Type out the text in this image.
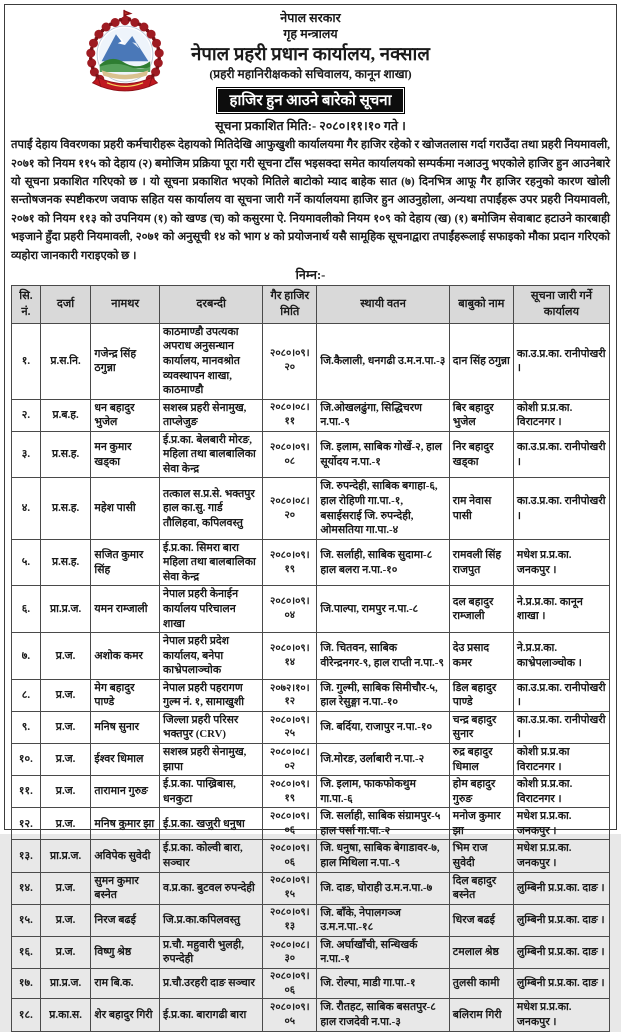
नेपाल सरकार
गृह मन्त्रालय
नेपाल प्रहरी प्रधान कार्यालय, नक्साल
(प्रहरी महानिरीक्षकको सचिवालय, कानून शाखा)
हाजिर हुन आउने बारेको सूचना
सूचना प्रकाशित मिति:- २०८०।११।१० गते ।
तपाईं देहाय विवरणका प्रहरी कर्मचारीहरू देहायको मितिदेखि आफुखुशी कार्यालयमा गैर हाजिर रहेको र खोजतलास गर्दा गराउँदा तथा प्रहरी नियमावली, २०७१ को नियम ११५ को देहाय (२) बमोजिम प्रक्रिया पूरा गरी सूचना टाँस भइसक्दा समेत कार्यालयको सम्पर्कमा नआउनु भएकोले हाजिर हुन आउनेबारे यो सूचना प्रकाशित गरिएको छ । यो सूचना प्रकाशित भएको मितिले बाटोको म्याद बाहेक सात (७) दिनभित्र आफू गैर हाजिर रहनुको कारण खोली सन्तोषजनक स्पष्टीकरण जवाफ सहित यस कार्यालय वा सूचना जारी गर्ने कार्यालयमा हाजिर हुन आउनुहोला, अन्यथा तपाईंहरू उपर प्रहरी नियमावली, २०७१ को नियम ११३ को उपनियम (१) को खण्ड (च) को कसुरमा ऐ. नियमावलीको नियम १०९ को देहाय (ख) (१) बमोजिम सेवाबाट हटाउने कारबाही भइजाने हुँदा प्रहरी नियमावली, २०७१ को अनुसूची १४ को भाग ४ को प्रयोजनार्थ यसै सामूहिक सूचनाद्वारा तपाईंहरूलाई सफाइको मौका प्रदान गरिएको व्यहोरा जानकारी गराइएको छ ।
निम्न:-
सि. नं.	दर्जा	नामथर	दरबन्दी	गैर हाजिर मिति	स्थायी वतन	बाबुको नाम	सूचना जारी गर्ने कार्यालय
१.	प्र.स.नि.	गजेन्द्र सिंह ठगुन्ना	काठमाण्डौ उपत्यका अपराध अनुसन्धान कार्यालय, मानवश्रोत व्यवस्थापन शाखा, काठमाण्डौ	२०८०।०९।२०	जि.कैलाली, धनगढी उ.म.न.पा.-३	दान सिंह ठगुन्ना	का.उ.प्र.का. रानीपोखरी ।
२.	प्र.ब.ह.	धन बहादुर भुजेल	सशस्त्र प्रहरी सेनामुख, ताप्लेजुङ	२०८०।०८।११	जि.ओखलढुंगा, सिद्धिचरण न.पा.-९	बिर बहादुर भुजेल	कोशी प्र.प्र.का. विराटनगर ।
३.	प्र.स.ह.	मन कुमार खड्का	ई.प्र.का. बेलबारी मोरङ, महिला तथा बालबालिका सेवा केन्द्र	२०८०।०९।०८	जि. इलाम, साबिक गोर्खे-२, हाल सूर्योदय न.पा.-१	निर बहादुर खड्का	का.उ.प्र.का. रानीपोखरी ।
४.	प्र.स.ह.	महेश पासी	तत्काल स.प्र.से. भक्तपुर हाल का.सु. गार्ड तौलिहवा, कपिलवस्तु	२०८०।०८।२०	जि. रुपन्देही, साबिक बगाहा-६, हाल रोहिणी गा.पा.-१, बसाईसराई जि. रुपन्देही, ओमसतिया गा.पा.-४	राम नेवास पासी	का.उ.प्र.का. रानीपोखरी ।
५.	प्र.स.ह.	सजित कुमार सिंह	ई.प्र.का. सिमरा बारा महिला तथा बालबालिका सेवा केन्द्र	२०८०।०९।१९	जि. सर्लाही, साबिक सुदामा-८ हाल बलरा न.पा.-१०	रामवली सिंह राजपुत	मधेश प्र.प्र.का. जनकपुर ।
६.	प्रा.प्र.ज.	यमन राम्जाली	नेपाल प्रहरी केनाईन कार्यालय परिचालन शाखा	२०८०।०९।०४	जि.पाल्पा, रामपुर न.पा.-८	दल बहादुर राम्जाली	ने.प्र.प्र.का. कानून शाखा ।
७.	प्र.ज.	अशोक कमर	नेपाल प्रहरी प्रदेश कार्यालय, बनेपा काभ्रेपलाञ्चोक	२०८०।०९।१४	जि. चितवन, साबिक वीरेन्द्रनगर-९, हाल राप्ती न.पा.-९	देउ प्रसाद कमर	ने.प्र.प्र.का. काभ्रेपलाञ्चोक ।
८.	प्र.ज.	मेग बहादुर पाण्डे	नेपाल प्रहरी पहरागण गुल्म नं. १, सामाखुशी	२०७२।१०।१२	जि. गुल्मी, साबिक सिमीचौर-५, हाल रेसुङ्गा न.पा.-१०	डिल बहादुर पाण्डे	का.उ.प्र.का. रानीपोखरी ।
९.	प्र.ज.	मनिष सुनार	जिल्ला प्रहरी परिसर भक्तपुर (CRV)	२०८०।०९।२५	जि. बर्दिया, राजापुर न.पा.-१०	चन्द्र बहादुर सुनार	का.उ.प्र.का. रानीपोखरी ।
१०.	प्र.ज.	ईश्वर धिमाल	सशस्त्र प्रहरी सेनामुख, झापा	२०८०।०८।०२	जि.मोरङ, उर्लाबारी न.पा.-२	रुद्र बहादुर धिमाल	कोशी प्र.प्र.का विराटनगर ।
११.	प्र.ज.	तारामान गुरुङ	ई.प्र.का. पाख्रिबास, धनकुटा	२०८०।०९।१९	जि. इलाम, फाकफोकथुम गा.पा.-६	होम बहादुर गुरुङ	कोशी प्र.प्र.का. विराटनगर ।
१२.	प्र.ज.	मनिष कुमार झा	ई.प्र.का. खजुरी धनुषा	२०८०।०९।०६	जि. सर्लाही, साबिक संग्रामपुर-५ हाल पर्सा गा.पा.-२	मनोज कुमार झा	मधेश प्र.प्र.का. जनकपुर ।
१३.	प्रा.प्र.ज.	अविपेक सुवेदी	ई.प्र.का. कोल्वी बारा, सञ्चार	२०८०।०९।०६	जि. धनुषा, साबिक बेगाडावर-७, हाल मिथिला न.पा.-९	भिम राज सुवेदी	मधेश प्र.प्र.का. जनकपुर ।
१४.	प्र.ज.	सुमन कुमार बस्नेत	व.प्र.का. बुटवल रुपन्देही	२०८०।०९।१५	जि. दाङ, घोराही उ.म.न.पा.-७	दिल बहादुर बस्नेत	लुम्बिनी प्र.प्र.का. दाङ ।
१५.	प्र.ज.	निरज बढई	जि.प्र.का.कपिलवस्तु	२०८०।०९।१३	जि. बाँके, नेपालगञ्ज उ.म.न.पा.-१८	धिरज बढई	लुम्बिनी प्र.प्र.का. दाङ ।
१६.	प्र.ज.	विष्णु श्रेष्ठ	प्र.चौ. महुवारी भुलही, रुपन्देही	२०८०।०८।३०	जि. अर्घाखाँची, सन्धिखर्क न.पा.-१	टमलाल श्रेष्ठ	लुम्बिनी प्र.प्र.का. दाङ ।
१७.	प्रा.प्र.ज.	राम बि.क.	प्र.चौ.उरहरी दाङ सञ्चार	२०८०।०९।०६	जि. रोल्पा, माडी गा.पा.-१	तुलसी कामी	लुम्बिनी प्र.प्र.का. दाङ ।
१८.	प्र.का.स.	शेर बहादुर गिरी	ई.प्र.का. बारागढी बारा	२०८०।०९।०५	जि. रौतहट, साबिक बसतपुर-८ हाल राजदेवी न.पा.-३	बलिराम गिरी	मधेश प्र.प्र.का. जनकपुर ।
